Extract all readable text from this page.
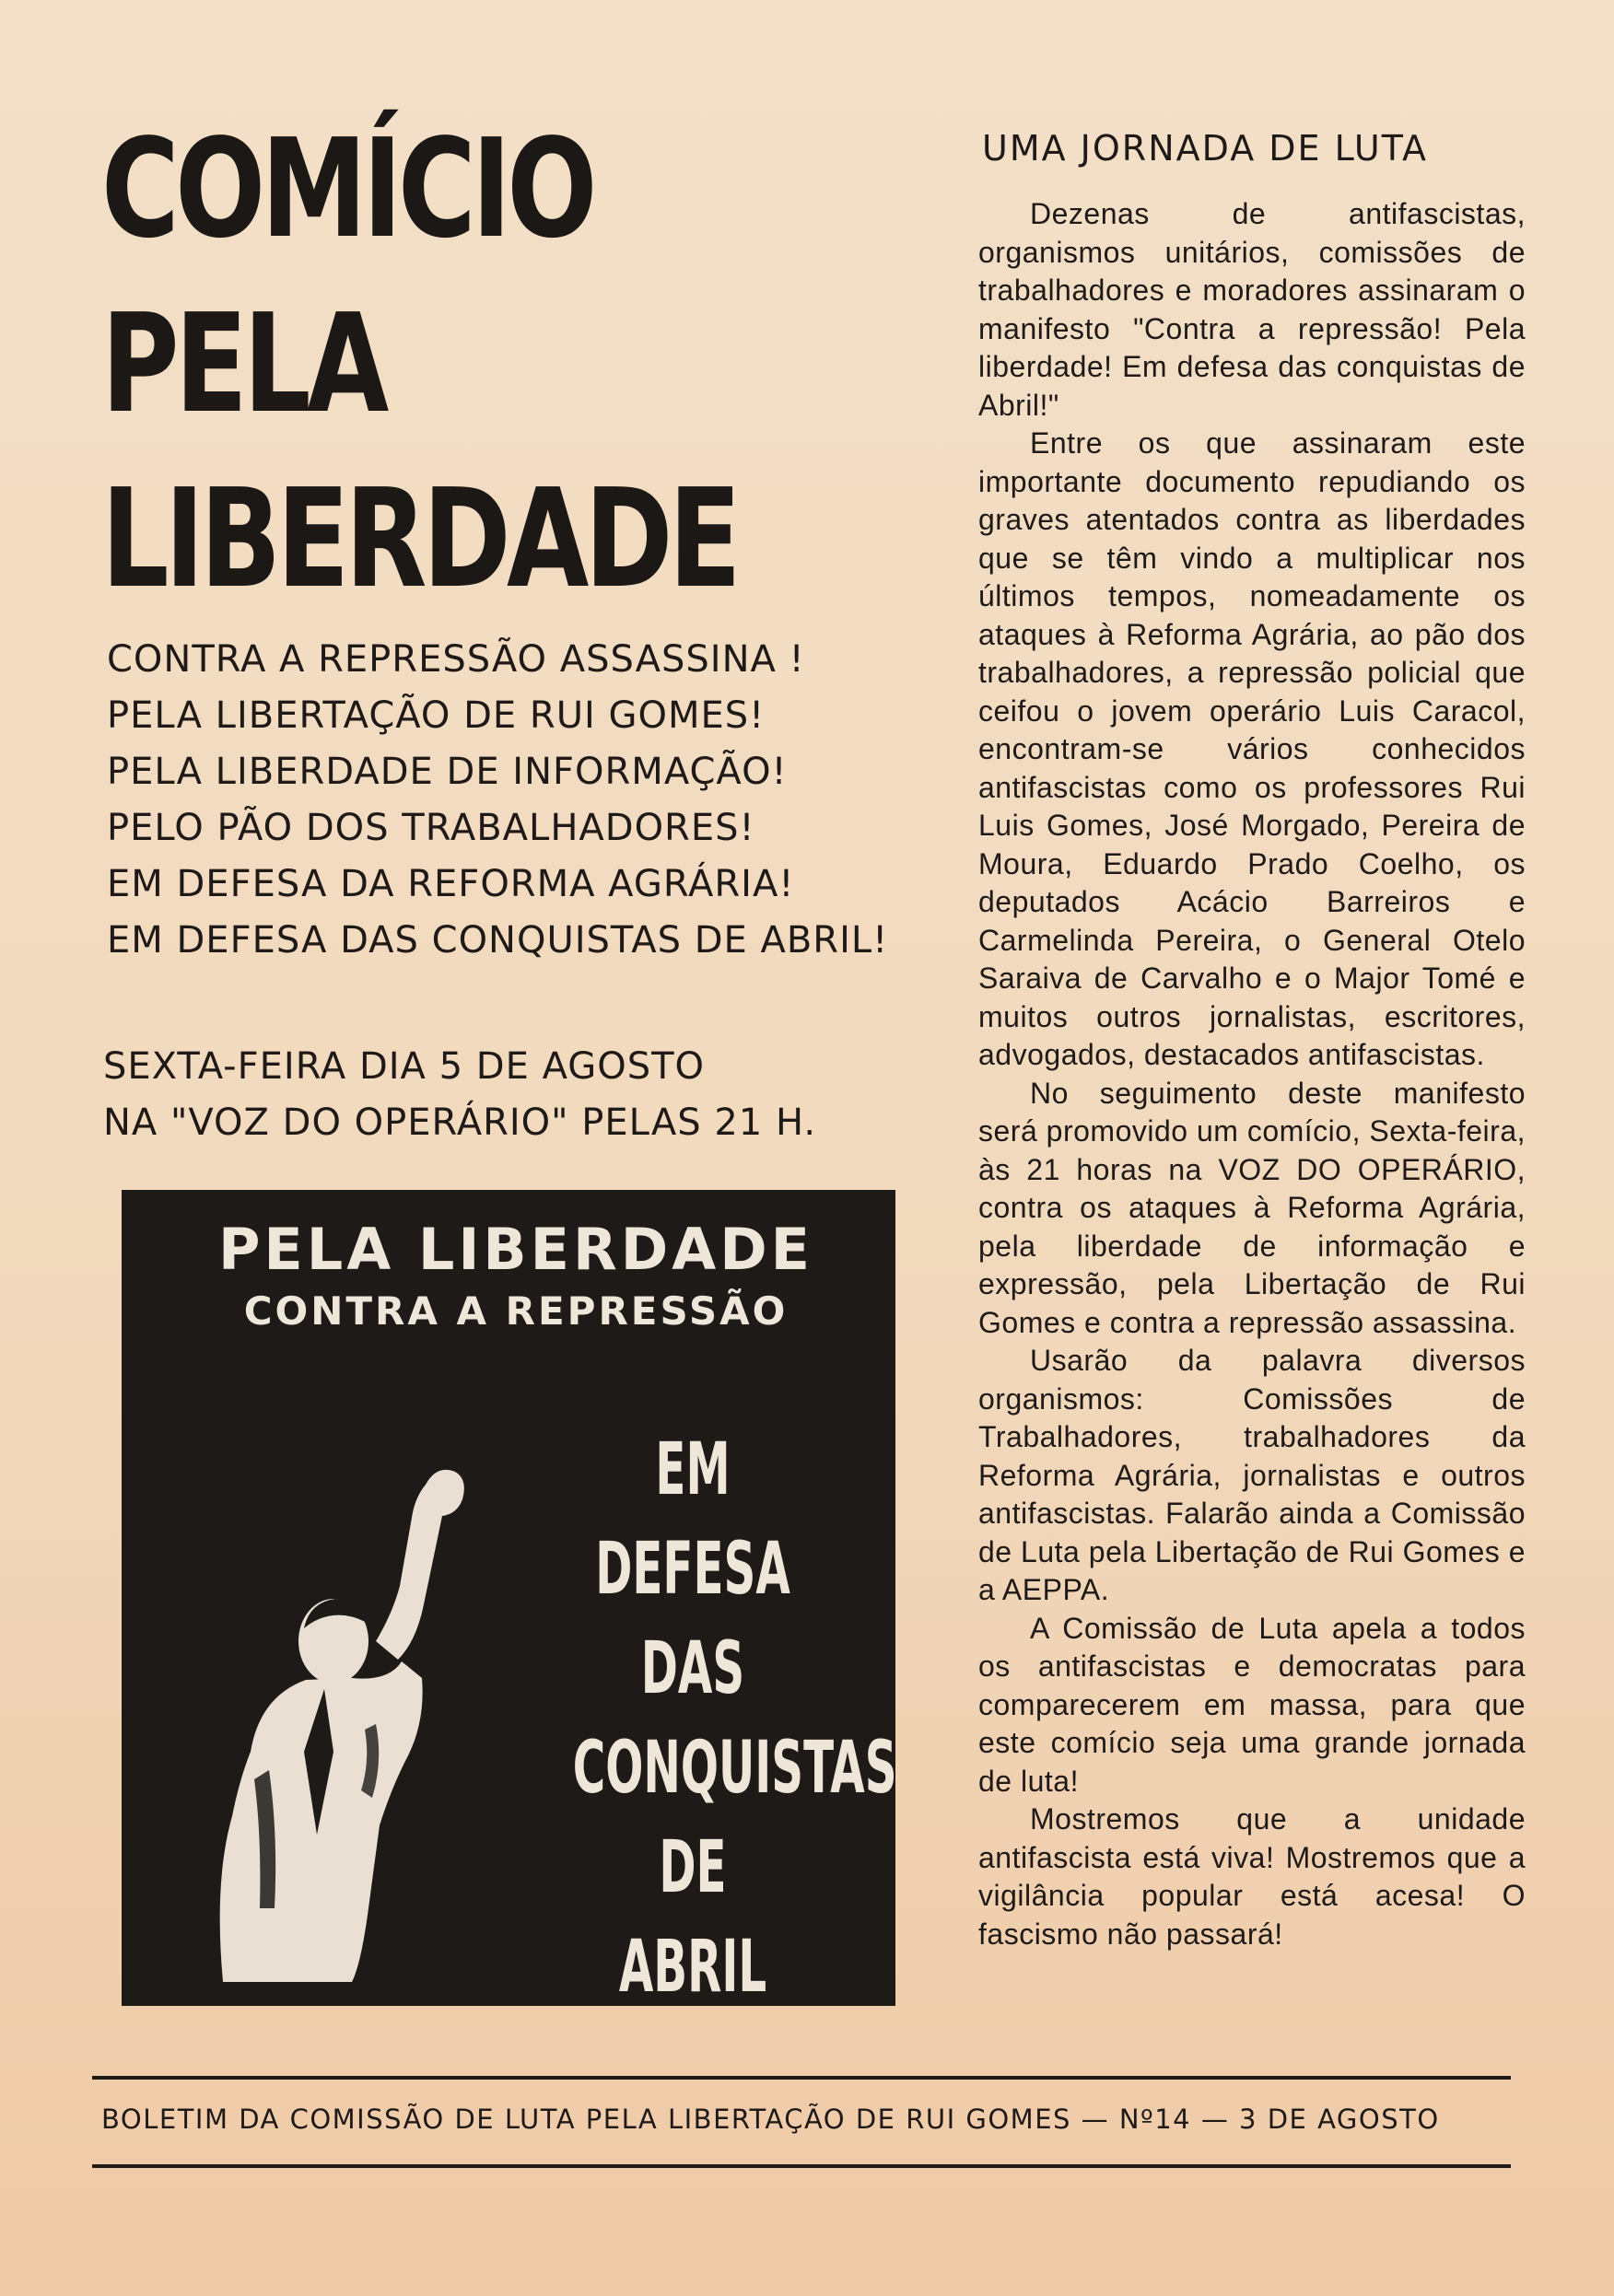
COMÍCIO
PELA
LIBERDADE
CONTRA A REPRESSÃO ASSASSINA !
PELA LIBERTAÇÃO DE RUI GOMES!
PELA LIBERDADE DE INFORMAÇÃO!
PELO PÃO DOS TRABALHADORES!
EM DEFESA DA REFORMA AGRÁRIA!
EM DEFESA DAS CONQUISTAS DE ABRIL!
SEXTA-FEIRA DIA 5 DE AGOSTO
NA "VOZ DO OPERÁRIO" PELAS 21 H.
PELA LIBERDADE
CONTRA A REPRESSÃO
EM
DEFESA
DAS
CONQUISTAS
DE
ABRIL
UMA JORNADA DE LUTA

Dezenas de antifascistas, organismos unitários, comissões de trabalhadores e moradores assinaram o manifesto "Contra a repressão! Pela liberdade! Em defesa das conquistas de Abril!"

Entre os que assinaram este importante documento repudiando os graves atentados contra as liberdades que se têm vindo a multiplicar nos últimos tempos, nomeadamente os ataques à Reforma Agrária, ao pão dos trabalhadores, a repressão policial que ceifou o jovem operário Luis Caracol, encontram-se vários conhecidos antifascistas como os professores Rui Luis Gomes, José Morgado, Pereira de Moura, Eduardo Prado Coelho, os deputados Acácio Barreiros e Carmelinda Pereira, o General Otelo Saraiva de Carvalho e o Major Tomé e muitos outros jornalistas, escritores, advogados, destacados antifascistas.

No seguimento deste manifesto será promovido um comício, Sexta-feira, às 21 horas na VOZ DO OPERÁRIO, contra os ataques à Reforma Agrária, pela liberdade de informação e expressão, pela Libertação de Rui Gomes e contra a repressão assassina.

Usarão da palavra diversos organismos: Comissões de Trabalhadores, trabalhadores da Reforma Agrária, jornalistas e outros antifascistas. Falarão ainda a Comissão de Luta pela Libertação de Rui Gomes e a AEPPA.

A Comissão de Luta apela a todos os antifascistas e democratas para comparecerem em massa, para que este comício seja uma grande jornada de luta!

Mostremos que a unidade antifascista está viva! Mostremos que a vigilância popular está acesa! O fascismo não passará!

BOLETIM DA COMISSÃO DE LUTA PELA LIBERTAÇÃO DE RUI GOMES — Nº14 — 3 DE AGOSTO
